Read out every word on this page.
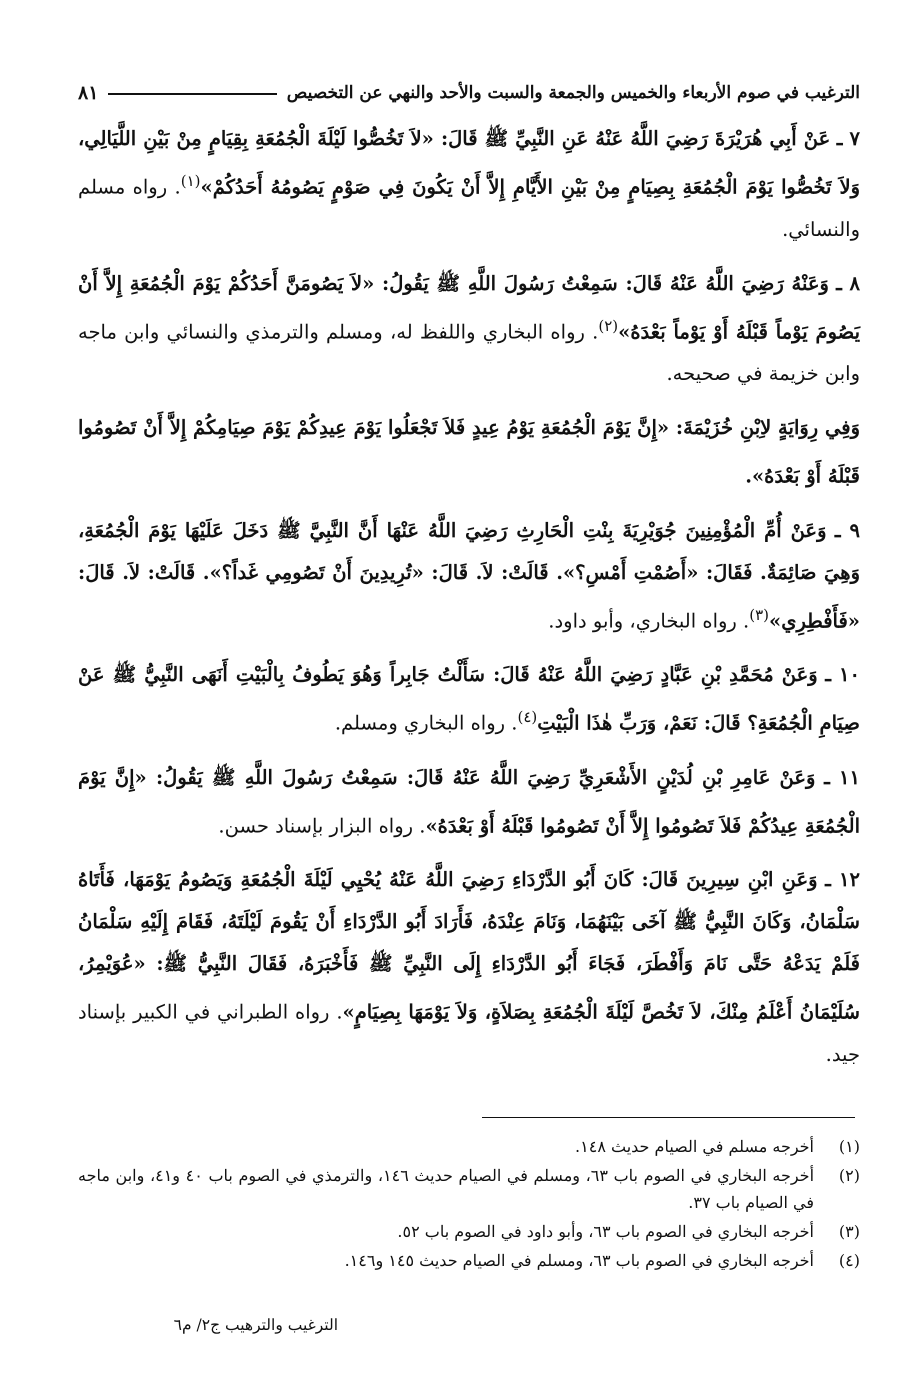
الترغيب في صوم الأربعاء والخميس والجمعة والسبت والأحد والنهي عن التخصيص
٨١

٧ ـ عَنْ أَبِي هُرَيْرَةَ رَضِيَ اللَّهُ عَنْهُ عَنِ النَّبِيِّ ﷺ قَالَ: «لاَ تَخُصُّوا لَيْلَةَ الْجُمُعَةِ بِقِيَامٍ مِنْ بَيْنِ اللَّيَالِي، وَلاَ تَخُصُّوا يَوْمَ الْجُمُعَةِ بِصِيَامٍ مِنْ بَيْنِ الأَيَّامِ إِلاَّ أَنْ يَكُونَ فِي صَوْمٍ يَصُومُهُ أَحَدُكُمْ»$^{(١)}$. رواه مسلم والنسائي.

٨ ـ وَعَنْهُ رَضِيَ اللَّهُ عَنْهُ قَالَ: سَمِعْتُ رَسُولَ اللَّهِ ﷺ يَقُولُ: «لاَ يَصُومَنَّ أَحَدُكُمْ يَوْمَ الْجُمُعَةِ إِلاَّ أَنْ يَصُومَ يَوْماً قَبْلَهُ أَوْ يَوْماً بَعْدَهُ»$^{(٢)}$. رواه البخاري واللفظ له، ومسلم والترمذي والنسائي وابن ماجه وابن خزيمة في صحيحه.

وَفِي رِوَايَةٍ لاِبْنِ خُزَيْمَةَ: «إِنَّ يَوْمَ الْجُمُعَةِ يَوْمُ عِيدٍ فَلاَ تَجْعَلُوا يَوْمَ عِيدِكُمْ يَوْمَ صِيَامِكُمْ إِلاَّ أَنْ تَصُومُوا قَبْلَهُ أَوْ بَعْدَهُ».

٩ ـ وَعَنْ أُمِّ الْمُؤْمِنِينَ جُوَيْرِيَةَ بِنْتِ الْحَارِثِ رَضِيَ اللَّهُ عَنْهَا أَنَّ النَّبِيَّ ﷺ دَخَلَ عَلَيْهَا يَوْمَ الْجُمُعَةِ، وَهِيَ صَائِمَةٌ. فَقَالَ: «أَصُمْتِ أَمْسِ؟». قَالَتْ: لاَ. قَالَ: «تُرِيدِينَ أَنْ تَصُومِي غَداً؟». قَالَتْ: لاَ. قَالَ: «فَأَفْطِرِي»$^{(٣)}$. رواه البخاري، وأبو داود.

١٠ ـ وَعَنْ مُحَمَّدِ بْنِ عَبَّادٍ رَضِيَ اللَّهُ عَنْهُ قَالَ: سَأَلْتُ جَابِراً وَهُوَ يَطُوفُ بِالْبَيْتِ أَنَهَى النَّبِيُّ ﷺ عَنْ صِيَامِ الْجُمُعَةِ؟ قَالَ: نَعَمْ، وَرَبِّ هٰذَا الْبَيْتِ$^{(٤)}$. رواه البخاري ومسلم.

١١ ـ وَعَنْ عَامِرِ بْنِ لُدَيْنٍ الأَشْعَرِيِّ رَضِيَ اللَّهُ عَنْهُ قَالَ: سَمِعْتُ رَسُولَ اللَّهِ ﷺ يَقُولُ: «إِنَّ يَوْمَ الْجُمُعَةِ عِيدُكُمْ فَلاَ تَصُومُوا إِلاَّ أَنْ تَصُومُوا قَبْلَهُ أَوْ بَعْدَهُ». رواه البزار بإسناد حسن.

١٢ ـ وَعَنِ ابْنِ سِيرِينَ قَالَ: كَانَ أَبُو الدَّرْدَاءِ رَضِيَ اللَّهُ عَنْهُ يُحْيِي لَيْلَةَ الْجُمُعَةِ وَيَصُومُ يَوْمَهَا، فَأَتَاهُ سَلْمَانُ، وَكَانَ النَّبِيُّ ﷺ آخَى بَيْنَهُمَا، وَنَامَ عِنْدَهُ، فَأَرَادَ أَبُو الدَّرْدَاءِ أَنْ يَقُومَ لَيْلَتَهُ، فَقَامَ إِلَيْهِ سَلْمَانُ فَلَمْ يَدَعْهُ حَتَّى نَامَ وَأَفْطَرَ، فَجَاءَ أَبُو الدَّرْدَاءِ إِلَى النَّبِيِّ ﷺ فَأَخْبَرَهُ، فَقَالَ النَّبِيُّ ﷺ: «عُوَيْمِرُ، سُلَيْمَانُ أَعْلَمُ مِنْكَ، لاَ تَخُصَّ لَيْلَةَ الْجُمُعَةِ بِصَلاَةٍ، وَلاَ يَوْمَهَا بِصِيَامٍ». رواه الطبراني في الكبير بإسناد جيد.

(١)
أخرجه مسلم في الصيام حديث ١٤٨.
(٢)
أخرجه البخاري في الصوم باب ٦٣، ومسلم في الصيام حديث ١٤٦، والترمذي في الصوم باب ٤٠ و٤١، وابن ماجه في الصيام باب ٣٧.
(٣)
أخرجه البخاري في الصوم باب ٦٣، وأبو داود في الصوم باب ٥٢.
(٤)
أخرجه البخاري في الصوم باب ٦٣، ومسلم في الصيام حديث ١٤٥ و١٤٦.
الترغيب والترهيب ج٢/ م٦
